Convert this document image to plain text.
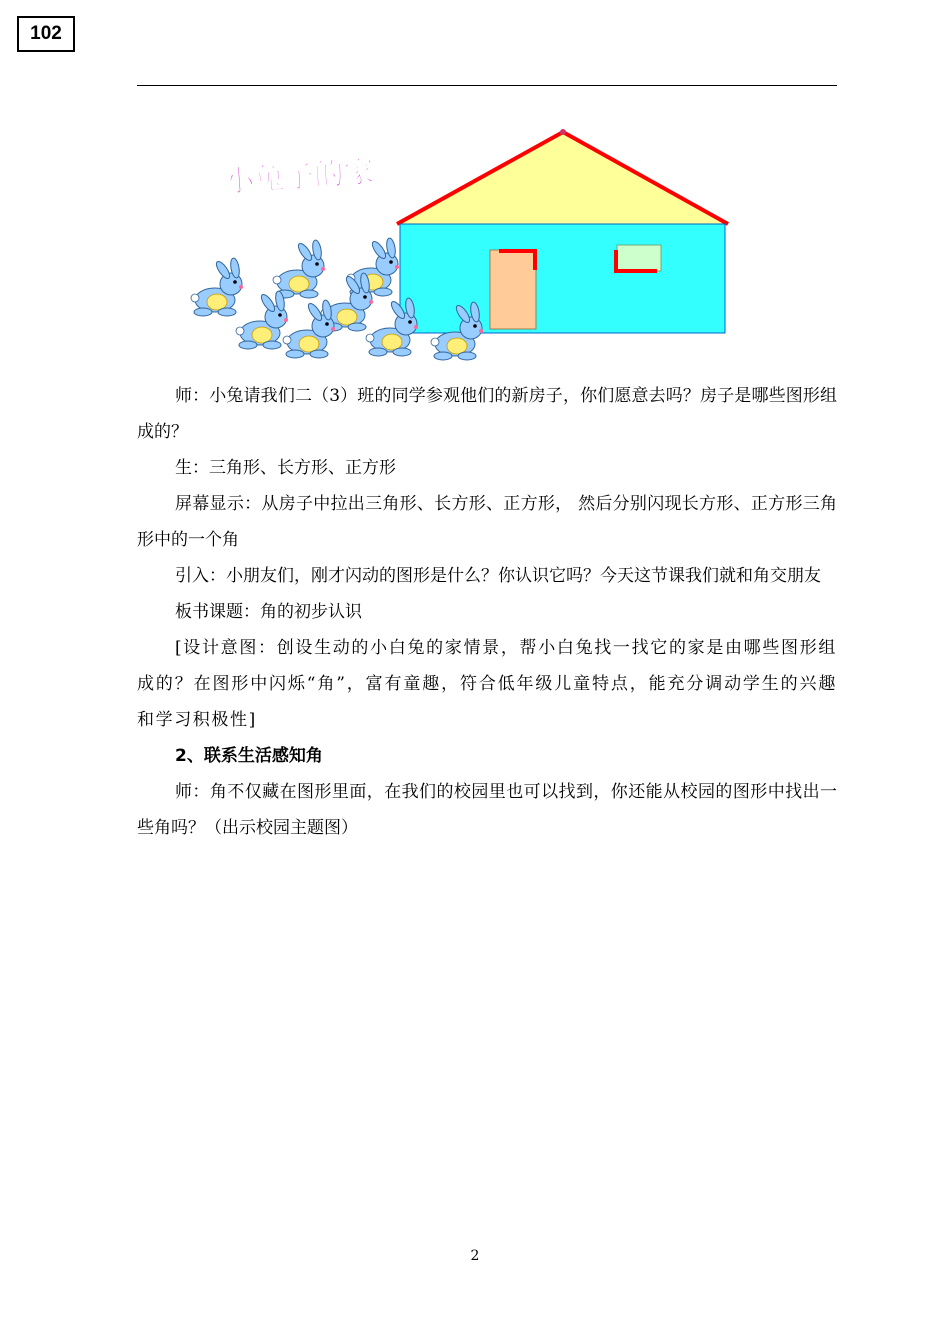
102
小兔子的家

师：小兔请我们二（3）班的同学参观他们的新房子，你们愿意去吗？房子是哪些图形组成的？

生：三角形、长方形、正方形

屏幕显示：从房子中拉出三角形、长方形、正方形， 然后分别闪现长方形、正方形三角形中的一个角

引入：小朋友们，刚才闪动的图形是什么？你认识它吗？今天这节课我们就和角交朋友

板书课题：角的初步认识

[设计意图：创设生动的小白兔的家情景，帮小白兔找一找它的家是由哪些图形组成的？在图形中闪烁“角”，富有童趣，符合低年级儿童特点，能充分调动学生的兴趣和学习积极性]

2、联系生活感知角

师：角不仅藏在图形里面，在我们的校园里也可以找到，你还能从校园的图形中找出一些角吗？（出示校园主题图）

2
